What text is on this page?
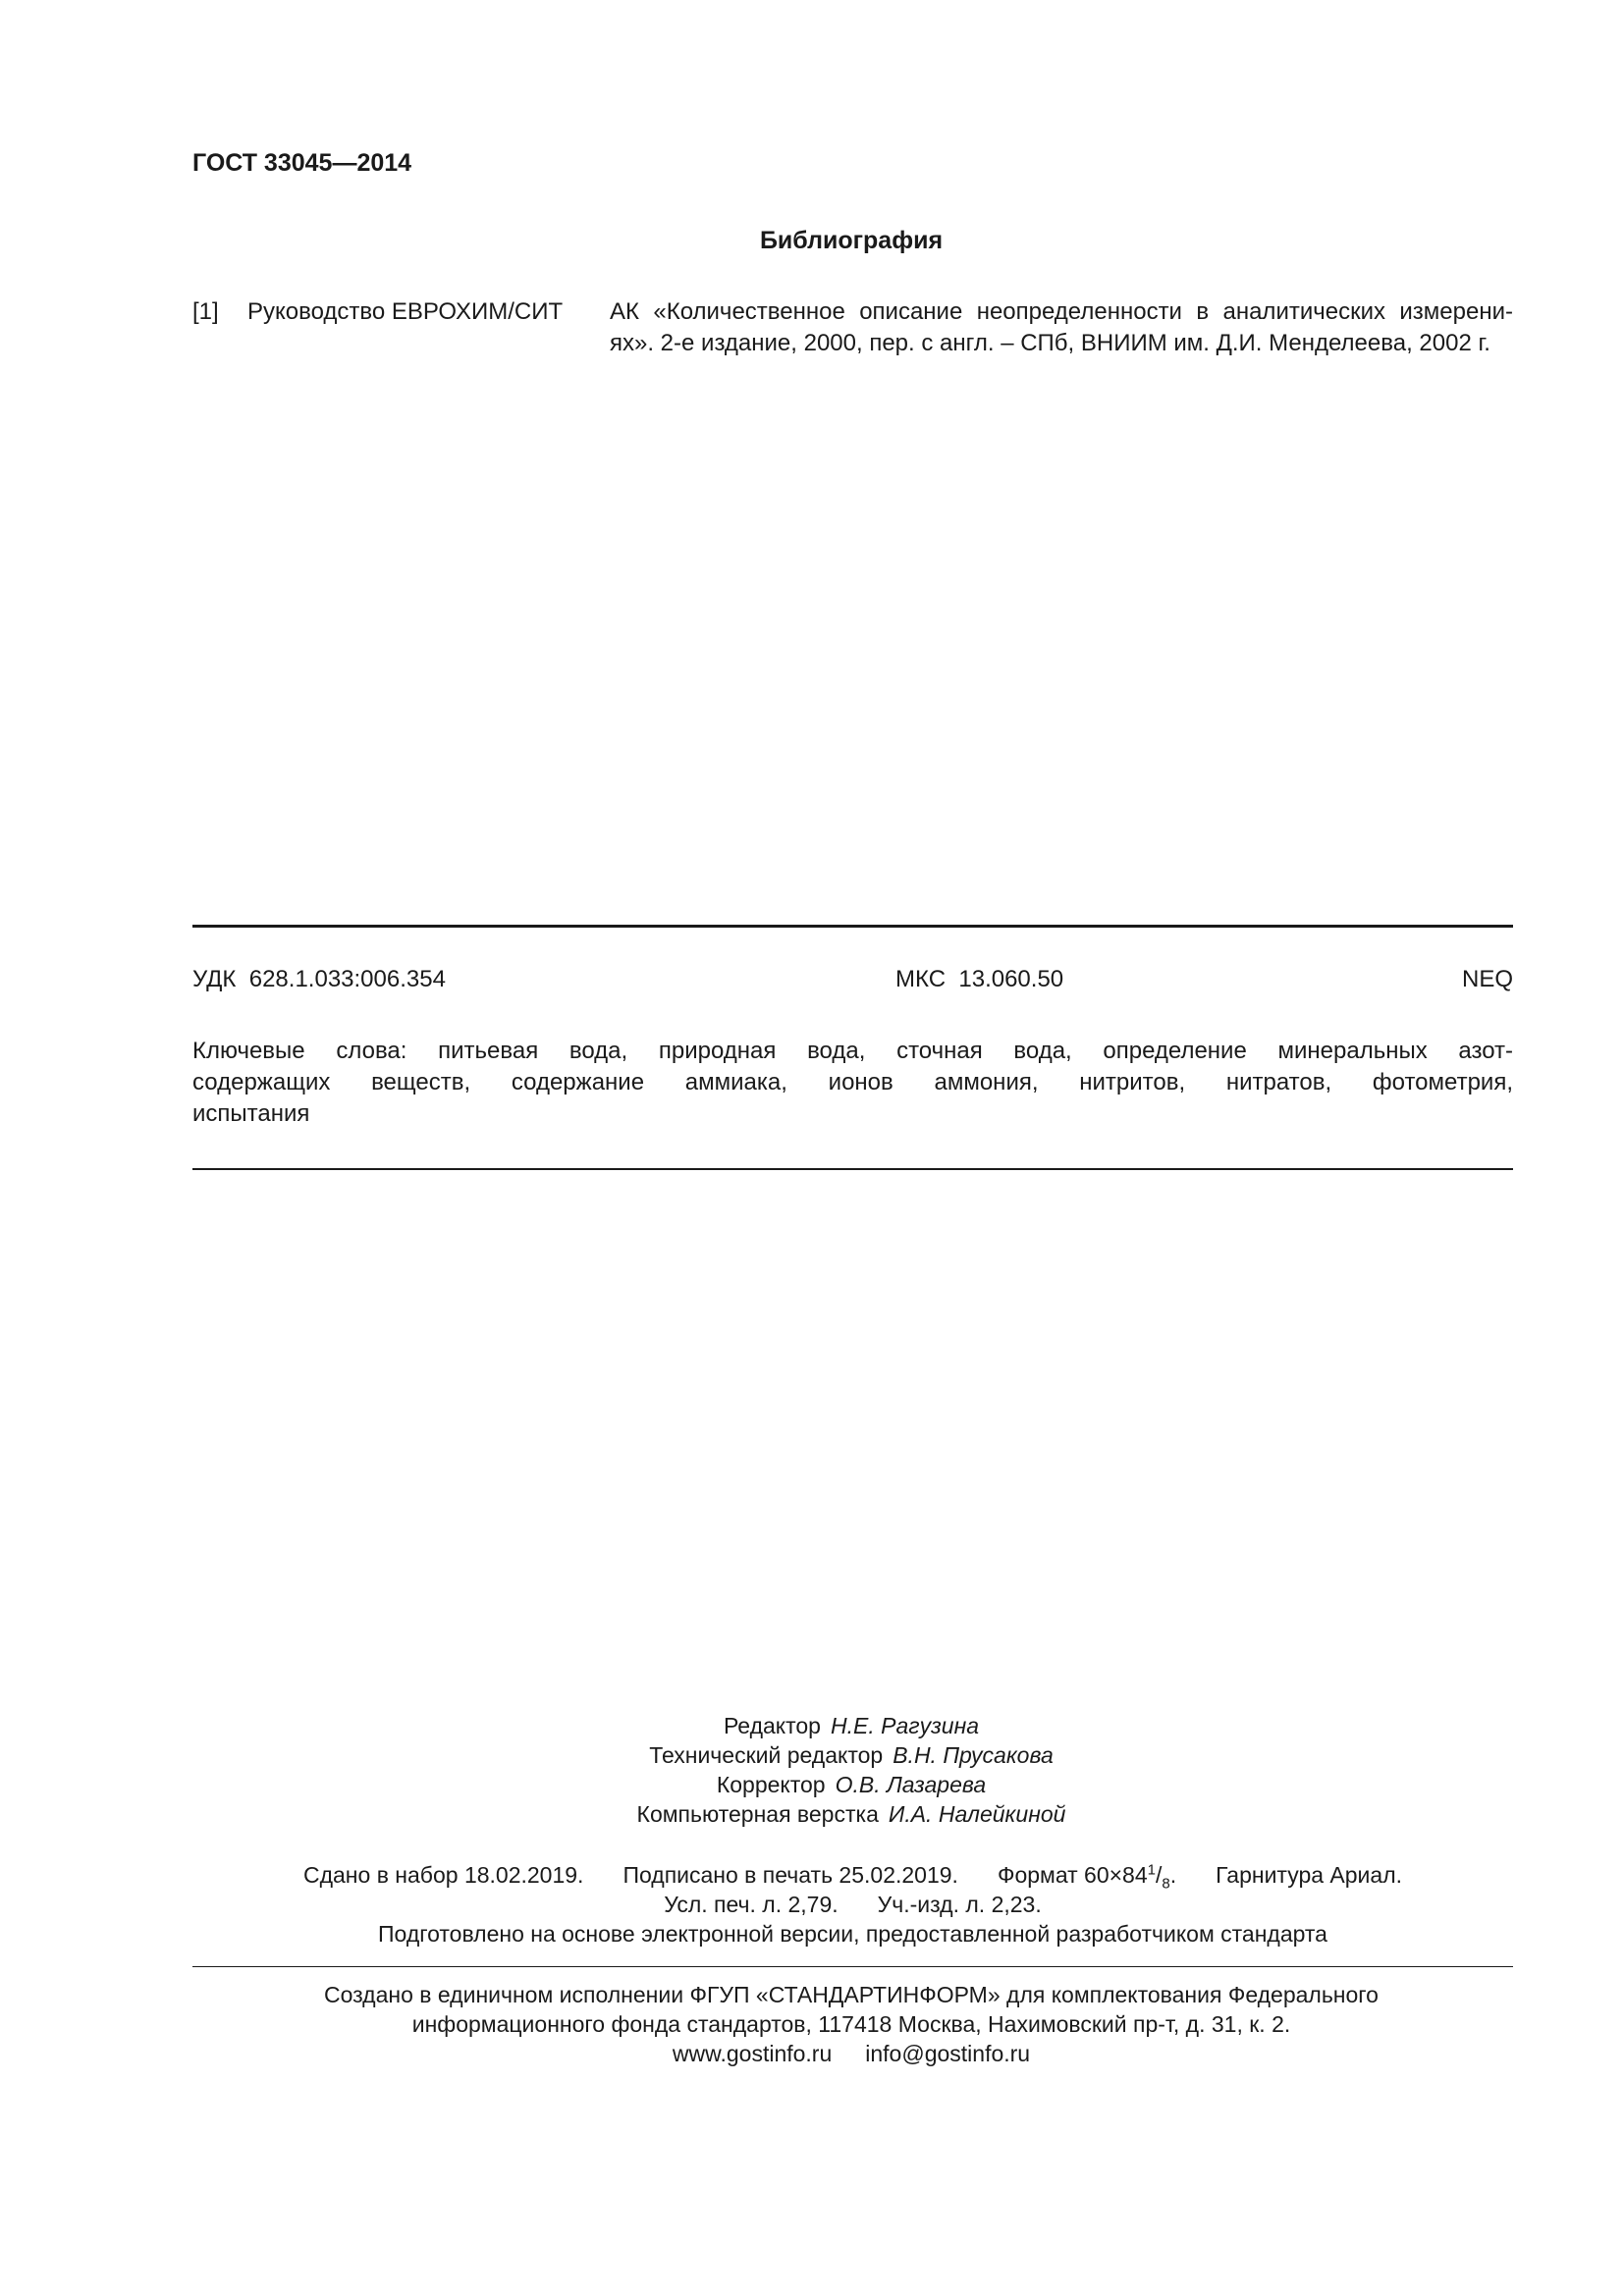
ГОСТ 33045—2014
Библиография
[1] Руководство ЕВРОХИМ/СИТ АК «Количественное описание неопределенности в аналитических измерени-
ях». 2-е издание, 2000, пер. с англ. – СПб, ВНИИМ им. Д.И. Менделеева, 2002 г.
УДК  628.1.033:006.354	МКС  13.060.50	NEQ
Ключевые слова: питьевая вода, природная вода, сточная вода, определение минеральных азот-
содержащих веществ, содержание аммиака, ионов аммония, нитритов, нитратов, фотометрия,
испытания
Редактор Н.Е. Рагузина
Технический редактор В.Н. Прусакова
Корректор О.В. Лазарева
Компьютерная верстка И.А. Налейкиной
Сдано в набор 18.02.2019. Подписано в печать 25.02.2019. Формат $60\times 84^1/_8$. Гарнитура Ариал.
Усл. печ. л. 2,79. Уч.-изд. л. 2,23.
Подготовлено на основе электронной версии, предоставленной разработчиком стандарта
Создано в единичном исполнении ФГУП «СТАНДАРТИНФОРМ» для комплектования Федерального
информационного фонда стандартов, 117418 Москва, Нахимовский пр-т, д. 31, к. 2.
www.gostinfo.ru info@gostinfo.ru
